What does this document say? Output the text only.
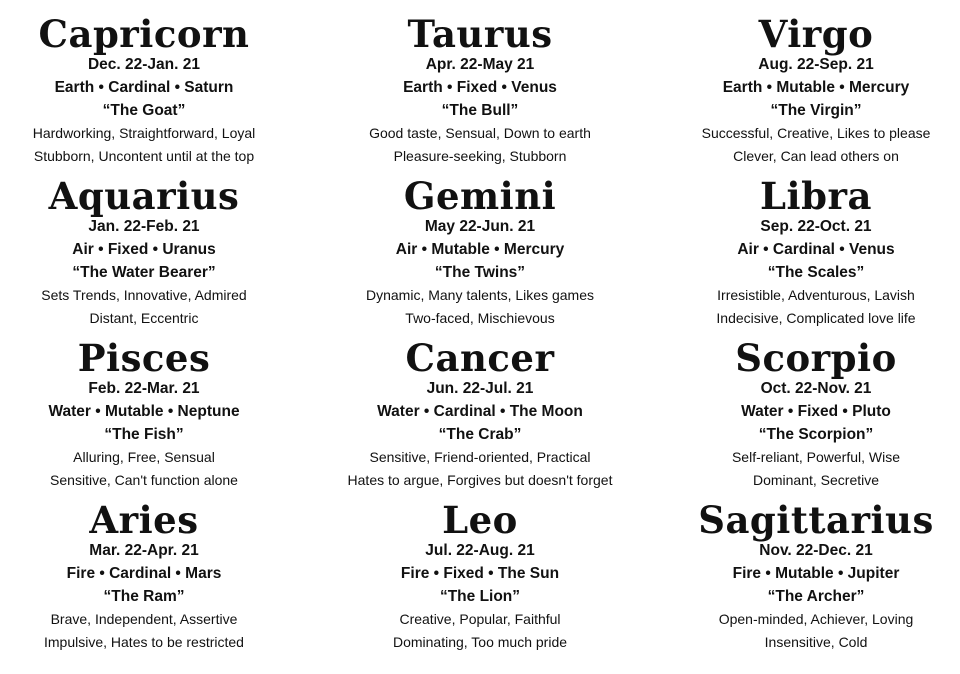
Capricorn
Dec. 22-Jan. 21
Earth • Cardinal • Saturn
“The Goat”
Hardworking, Straightforward, Loyal
Stubborn, Uncontent until at the top
Taurus
Apr. 22-May 21
Earth • Fixed • Venus
“The Bull”
Good taste, Sensual, Down to earth
Pleasure-seeking, Stubborn
Virgo
Aug. 22-Sep. 21
Earth • Mutable • Mercury
“The Virgin”
Successful, Creative, Likes to please
Clever, Can lead others on
Aquarius
Jan. 22-Feb. 21
Air • Fixed • Uranus
“The Water Bearer”
Sets Trends, Innovative, Admired
Distant, Eccentric
Gemini
May 22-Jun. 21
Air • Mutable • Mercury
“The Twins”
Dynamic, Many talents, Likes games
Two-faced, Mischievous
Libra
Sep. 22-Oct. 21
Air • Cardinal • Venus
“The Scales”
Irresistible, Adventurous, Lavish
Indecisive, Complicated love life
Pisces
Feb. 22-Mar. 21
Water • Mutable • Neptune
“The Fish”
Alluring, Free, Sensual
Sensitive, Can't function alone
Cancer
Jun. 22-Jul. 21
Water • Cardinal • The Moon
“The Crab”
Sensitive, Friend-oriented, Practical
Hates to argue, Forgives but doesn't forget
Scorpio
Oct. 22-Nov. 21
Water • Fixed • Pluto
“The Scorpion”
Self-reliant, Powerful, Wise
Dominant, Secretive
Aries
Mar. 22-Apr. 21
Fire • Cardinal • Mars
“The Ram”
Brave, Independent, Assertive
Impulsive, Hates to be restricted
Leo
Jul. 22-Aug. 21
Fire • Fixed • The Sun
“The Lion”
Creative, Popular, Faithful
Dominating, Too much pride
Sagittarius
Nov. 22-Dec. 21
Fire • Mutable • Jupiter
“The Archer”
Open-minded, Achiever, Loving
Insensitive, Cold
